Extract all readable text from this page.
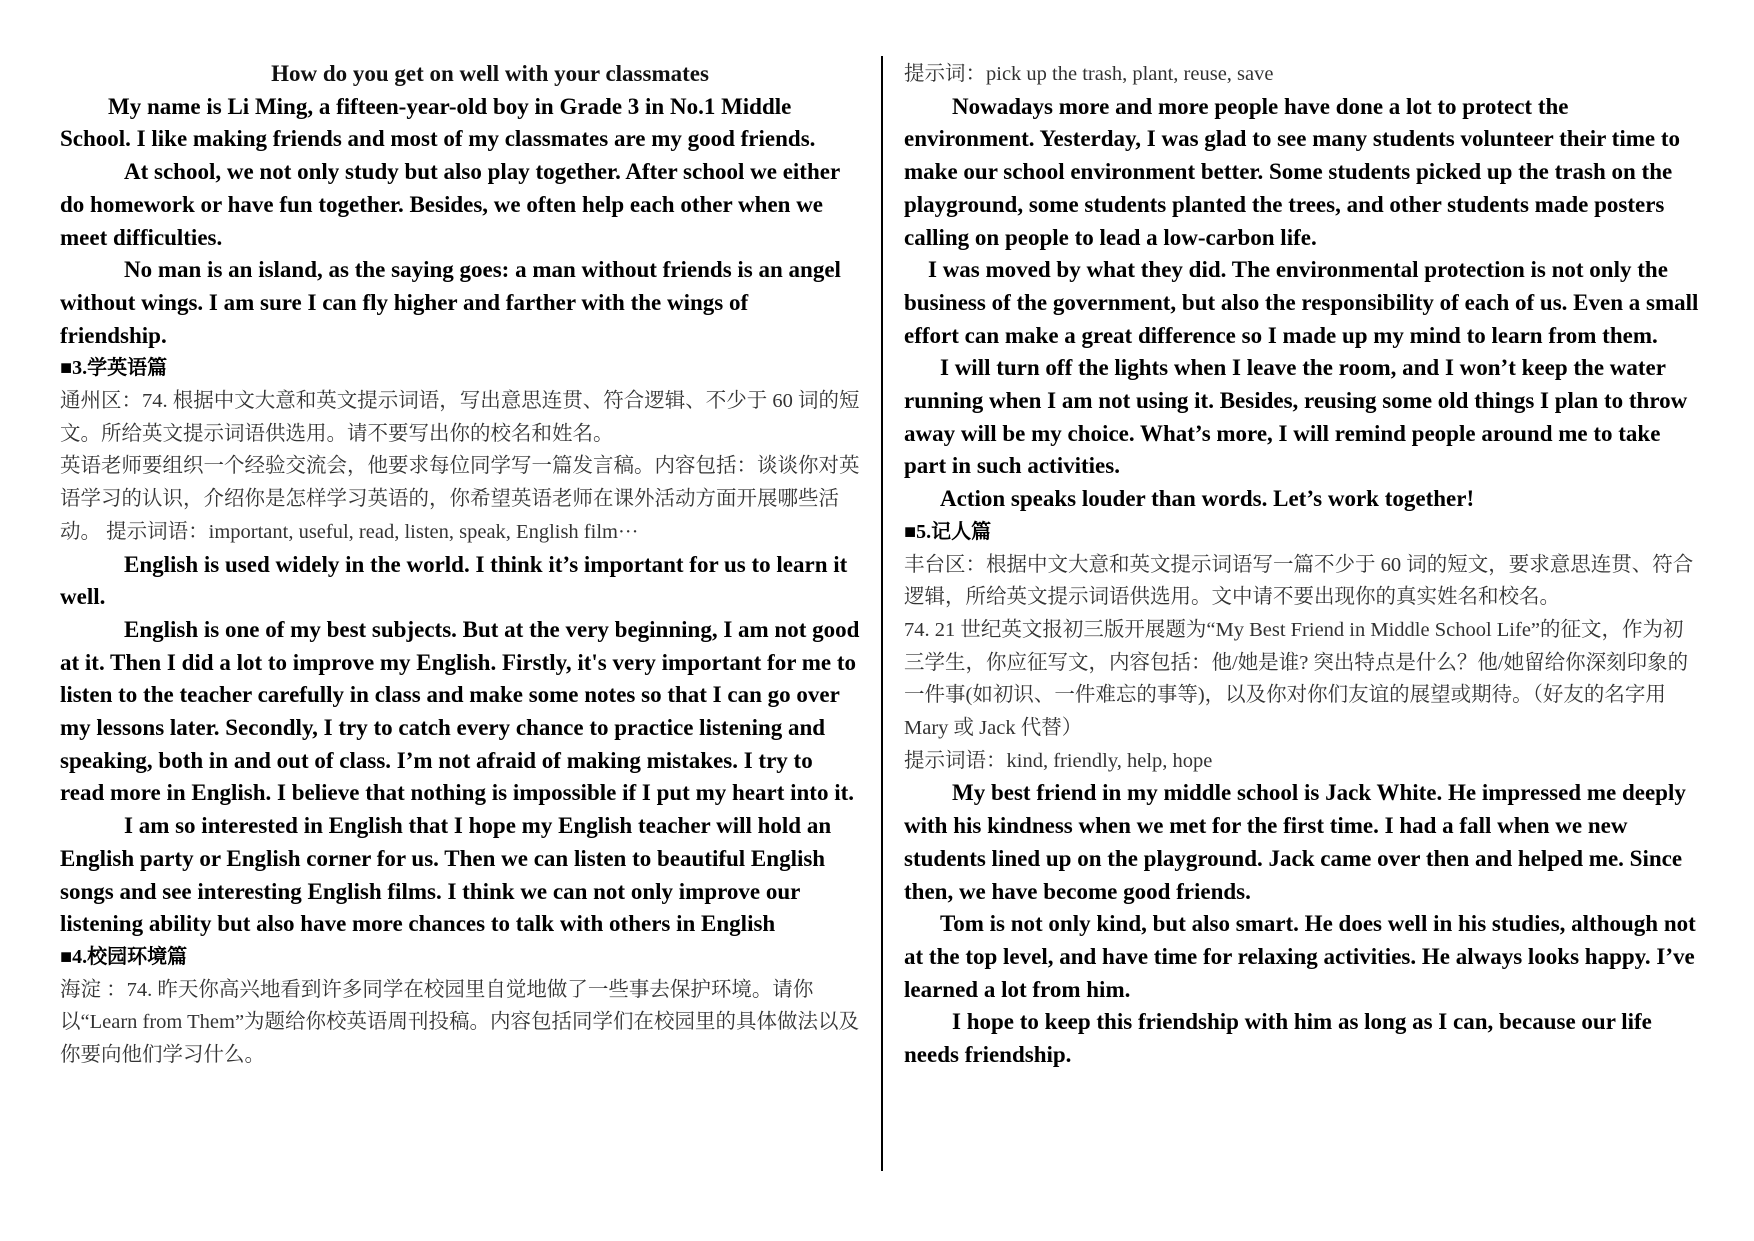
How do you get on well with your classmates

My name is Li Ming, a fifteen-year-old boy in Grade 3 in No.1 Middle School. I like making friends and most of my classmates are my good friends.

At school, we not only study but also play together. After school we either do homework or have fun together. Besides, we often help each other when we meet difficulties.

No man is an island, as the saying goes: a man without friends is an angel without wings. I am sure I can fly higher and farther with the wings of friendship.

■3.学英语篇

通州区：74. 根据中文大意和英文提示词语，写出意思连贯、符合逻辑、不少于 60 词的短文。所给英文提示词语供选用。请不要写出你的校名和姓名。

英语老师要组织一个经验交流会，他要求每位同学写一篇发言稿。内容包括：谈谈你对英语学习的认识，介绍你是怎样学习英语的，你希望英语老师在课外活动方面开展哪些活动。 提示词语：important, useful, read, listen, speak, English film···

English is used widely in the world. I think it’s important for us to learn it well.

English is one of my best subjects. But at the very beginning, I am not good at it. Then I did a lot to improve my English. Firstly, it's very important for me to listen to the teacher carefully in class and make some notes so that I can go over my lessons later. Secondly, I try to catch every chance to practice listening and speaking, both in and out of class. I’m not afraid of making mistakes. I try to read more in English. I believe that nothing is impossible if I put my heart into it.

I am so interested in English that I hope my English teacher will hold an English party or English corner for us. Then we can listen to beautiful English songs and see interesting English films. I think we can not only improve our listening ability but also have more chances to talk with others in English

■4.校园环境篇

海淀 ：74. 昨天你高兴地看到许多同学在校园里自觉地做了一些事去保护环境。请你以“Learn from Them”为题给你校英语周刊投稿。内容包括同学们在校园里的具体做法以及你要向他们学习什么。

提示词：pick up the trash, plant, reuse, save

Nowadays more and more people have done a lot to protect the environment. Yesterday, I was glad to see many students volunteer their time to make our school environment better. Some students picked up the trash on the playground, some students planted the trees, and other students made posters calling on people to lead a low-carbon life.

I was moved by what they did. The environmental protection is not only the business of the government, but also the responsibility of each of us. Even a small effort can make a great difference so I made up my mind to learn from them.

I will turn off the lights when I leave the room, and I won’t keep the water running when I am not using it. Besides, reusing some old things I plan to throw away will be my choice. What’s more, I will remind people around me to take part in such activities.

Action speaks louder than words. Let’s work together!

■5.记人篇

丰台区：根据中文大意和英文提示词语写一篇不少于 60 词的短文，要求意思连贯、符合逻辑，所给英文提示词语供选用。文中请不要出现你的真实姓名和校名。

74. 21 世纪英文报初三版开展题为“My Best Friend in Middle School Life”的征文，作为初三学生，你应征写文，内容包括：他/她是谁? 突出特点是什么？他/她留给你深刻印象的一件事(如初识、一件难忘的事等)，以及你对你们友谊的展望或期待。（好友的名字用 Mary 或 Jack 代替）

提示词语：kind, friendly, help, hope

My best friend in my middle school is Jack White. He impressed me deeply with his kindness when we met for the first time. I had a fall when we new students lined up on the playground. Jack came over then and helped me. Since then, we have become good friends.

Tom is not only kind, but also smart. He does well in his studies, although not at the top level, and have time for relaxing activities. He always looks happy. I’ve learned a lot from him.

I hope to keep this friendship with him as long as I can, because our life needs friendship.
